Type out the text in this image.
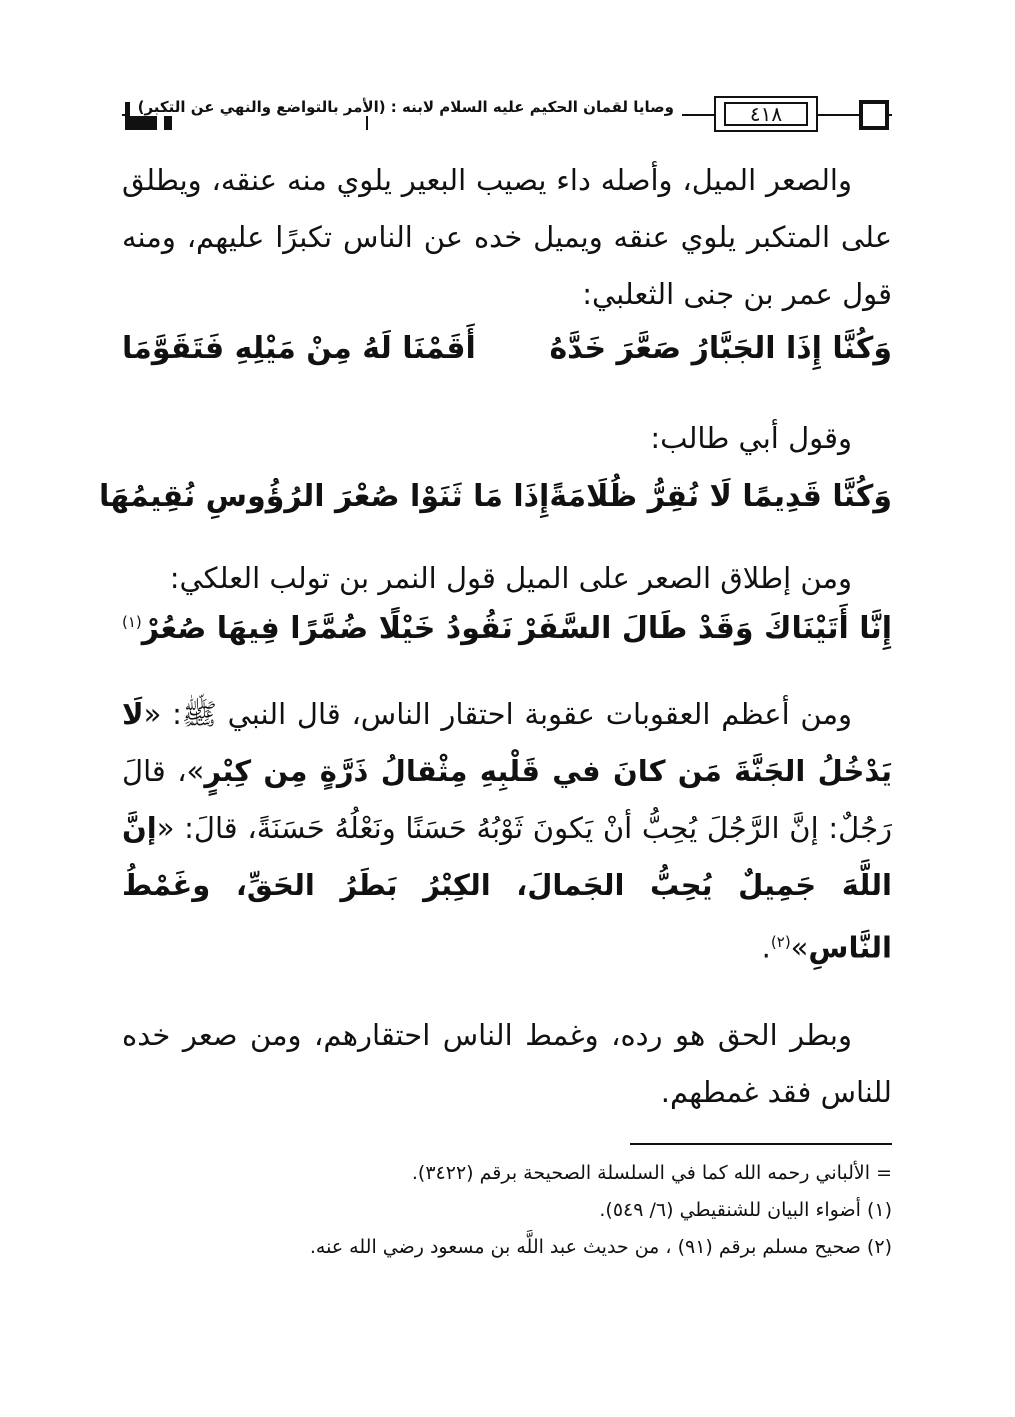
وصايا لقمان الحكيم عليه السلام لابنه : (الأمر بالتواضع والنهي عن التكبر)	٤١٨

والصعر الميل، وأصله داء يصيب البعير يلوي منه عنقه، ويطلق على المتكبر يلوي عنقه ويميل خده عن الناس تكبرًا عليهم، ومنه قول عمر بن جنى الثعلبي:

وَكُنَّا إِذَا الجَبَّارُ صَعَّرَ خَدَّهُ
أَقَمْنَا لَهُ مِنْ مَيْلِهِ فَتَقَوَّمَا

وقول أبي طالب:

وَكُنَّا قَدِيمًا لَا نُقِرُّ ظُلَامَةً
إِذَا مَا ثَنَوْا صُعْرَ الرُؤُوسِ نُقِيمُهَا

ومن إطلاق الصعر على الميل قول النمر بن تولب العلكي:

إِنَّا أَتَيْنَاكَ وَقَدْ طَالَ السَّفَرْ
نَقُودُ خَيْلًا ضُمَّرًا فِيهَا صُعُرْ$^{(١)}$

ومن أعظم العقوبات عقوبة احتقار الناس، قال النبي ﷺ: «لَا يَدْخُلُ الجَنَّةَ مَن كانَ في قَلْبِهِ مِثْقالُ ذَرَّةٍ مِن كِبْرٍ»، قالَ رَجُلٌ: إنَّ الرَّجُلَ يُحِبُّ أنْ يَكونَ ثَوْبُهُ حَسَنًا ونَعْلُهُ حَسَنَةً، قالَ: «إنَّ اللَّهَ جَمِيلٌ يُحِبُّ الجَمالَ، الكِبْرُ بَطَرُ الحَقِّ، وغَمْطُ النَّاسِ»$^{(٢)}$.

وبطر الحق هو رده، وغمط الناس احتقارهم، ومن صعر خده للناس فقد غمطهم.

= الألباني رحمه الله كما في السلسلة الصحيحة برقم (٣٤٢٢).

(١) أضواء البيان للشنقيطي (٦/ ٥٤٩).

(٢) صحيح مسلم برقم (٩١) ، من حديث عبد اللَّه بن مسعود رضي الله عنه.
